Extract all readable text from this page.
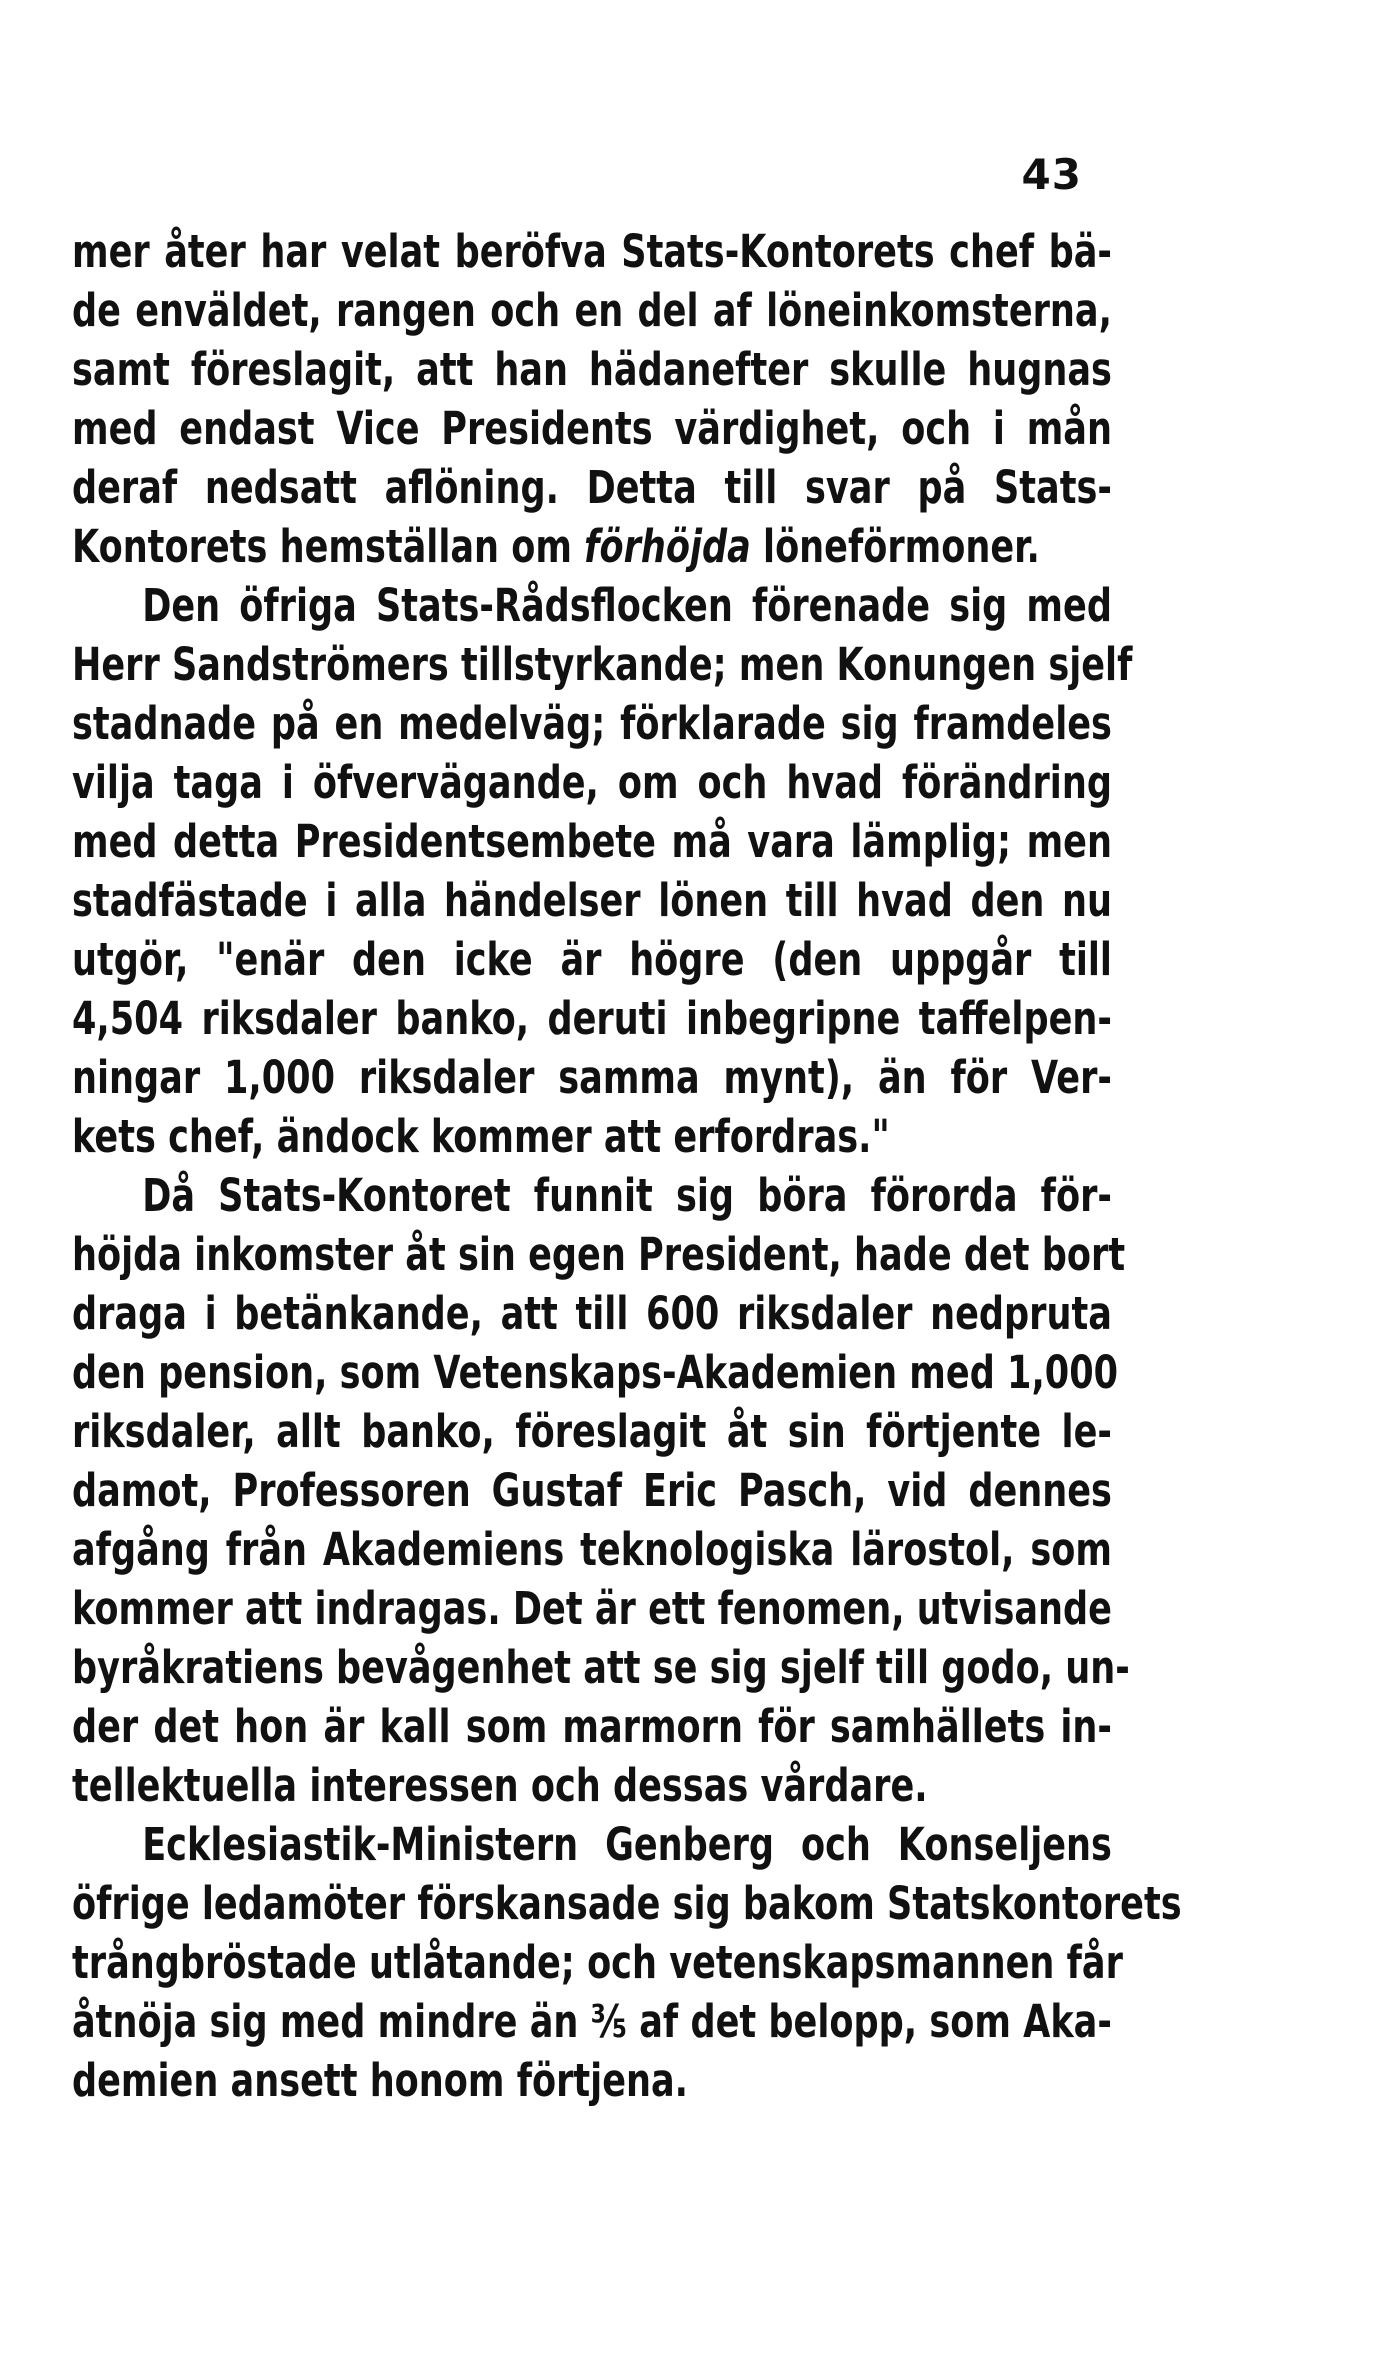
43
mer åter har velat beröfva Stats-Kontorets chef bä-
de enväldet, rangen och en del af löneinkomsterna,
samt föreslagit, att han hädanefter skulle hugnas
med endast Vice Presidents värdighet, och i mån
deraf nedsatt aflöning. Detta till svar på Stats-
Kontorets hemställan om förhöjda löneförmoner.
Den öfriga Stats-Rådsflocken förenade sig med
Herr Sandströmers tillstyrkande; men Konungen sjelf
stadnade på en medelväg; förklarade sig framdeles
vilja taga i öfvervägande, om och hvad förändring
med detta Presidentsembete må vara lämplig; men
stadfästade i alla händelser lönen till hvad den nu
utgör, "enär den icke är högre (den uppgår till
4,504 riksdaler banko, deruti inbegripne taffelpen-
ningar 1,000 riksdaler samma mynt), än för Ver-
kets chef, ändock kommer att erfordras."
Då Stats-Kontoret funnit sig böra förorda för-
höjda inkomster åt sin egen President, hade det bort
draga i betänkande, att till 600 riksdaler nedpruta
den pension, som Vetenskaps-Akademien med 1,000
riksdaler, allt banko, föreslagit åt sin förtjente le-
damot, Professoren Gustaf Eric Pasch, vid dennes
afgång från Akademiens teknologiska lärostol, som
kommer att indragas. Det är ett fenomen, utvisande
byråkratiens bevågenhet att se sig sjelf till godo, un-
der det hon är kall som marmorn för samhällets in-
tellektuella interessen och dessas vårdare.
Ecklesiastik-Ministern Genberg och Konseljens
öfrige ledamöter förskansade sig bakom Statskontorets
trångbröstade utlåtande; och vetenskapsmannen får
åtnöja sig med mindre än ⅗ af det belopp, som Aka-
demien ansett honom förtjena.
